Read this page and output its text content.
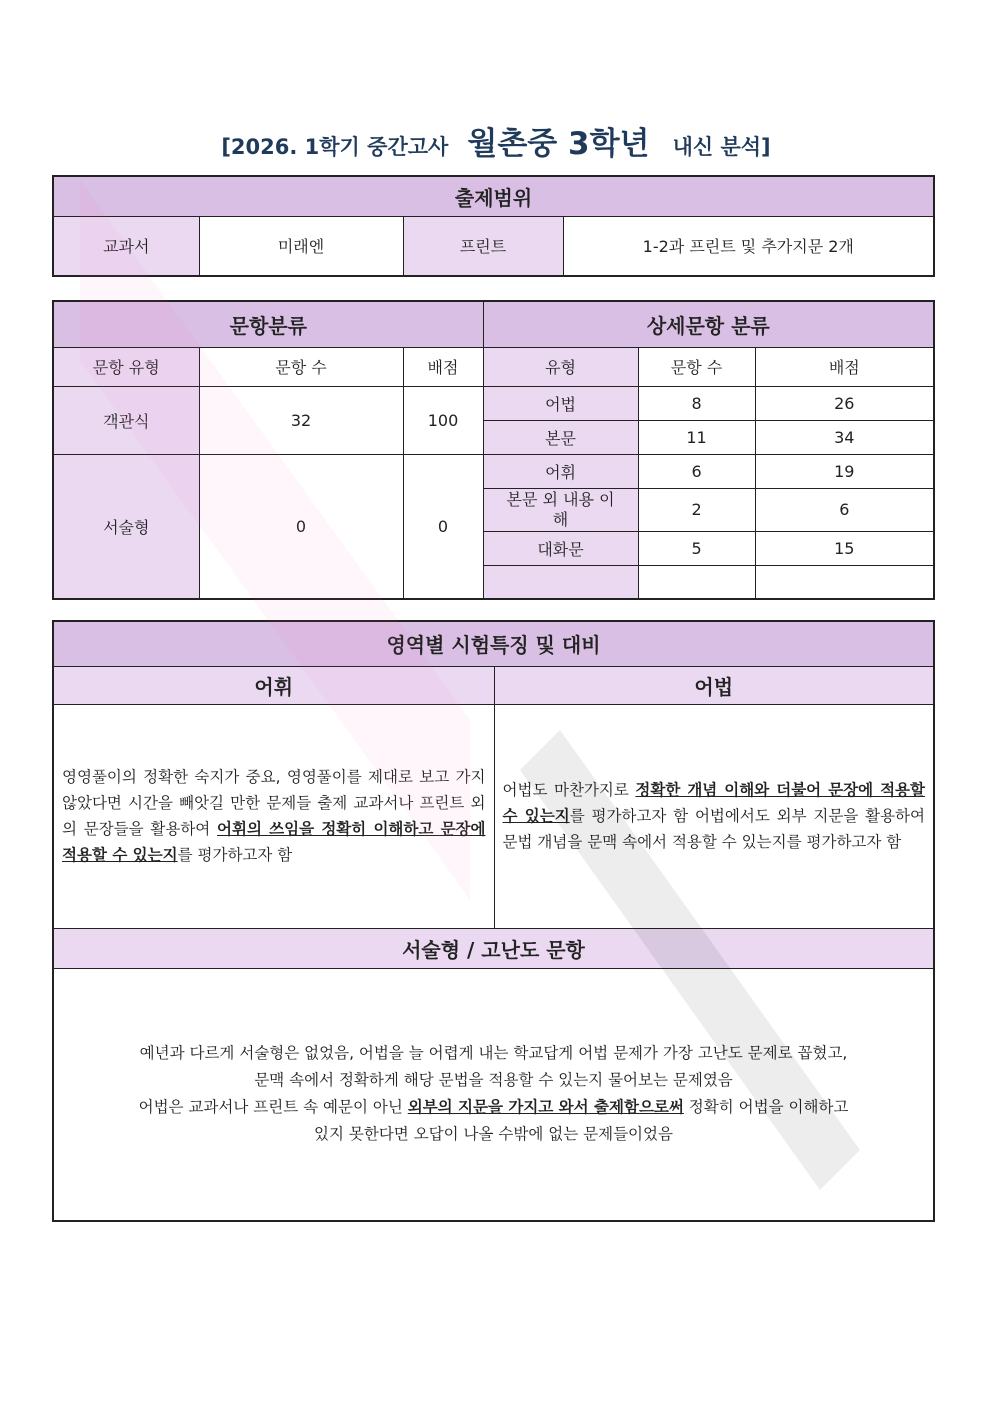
[2026. 1학기 중간고사 월촌중 3학년 내신 분석]
출제범위
교과서	미래엔	프린트	1-2과 프린트 및 추가지문 2개
문항분류			상세문항 분류		
문항 유형	문항 수	배점	유형	문항 수	배점
객관식	32	100	어법	8	26
			본문	11	34
서술형	0	0	어휘	6	19
			본문 외 내용 이해	2	6
			대화문	5	15

영역별 시험특징 및 대비	
어휘	어법
영영풀이의 정확한 숙지가 중요, 영영풀이를 제대로 보고 가지 않았다면 시간을 빼앗길 만한 문제들 출제 교과서나 프린트 외의 문장들을 활용하여 어휘의 쓰임을 정확히 이해하고 문장에 적용할 수 있는지를 평가하고자 함	어법도 마찬가지로 정확한 개념 이해와 더불어 문장에 적용할 수 있는지를 평가하고자 함 어법에서도 외부 지문을 활용하여 문법 개념을 문맥 속에서 적용할 수 있는지를 평가하고자 함
서술형 / 고난도 문항	

예년과 다르게 서술형은 없었음, 어법을 늘 어렵게 내는 학교답게 어법 문제가 가장 고난도 문제로 꼽혔고,
문맥 속에서 정확하게 해당 문법을 적용할 수 있는지 물어보는 문제였음
어법은 교과서나 프린트 속 예문이 아닌 외부의 지문을 가지고 와서 출제함으로써 정확히 어법을 이해하고
있지 못한다면 오답이 나올 수밖에 없는 문제들이었음	
